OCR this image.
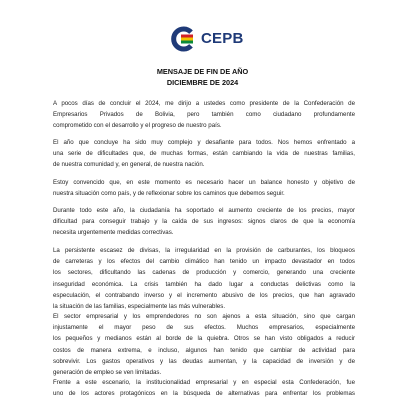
CEPB
MENSAJE DE FIN DE AÑO
DICIEMBRE DE 2024
A pocos días de concluir el 2024, me dirijo a ustedes como presidente de la Confederación de
Empresarios Privados de Bolivia, pero también como ciudadano profundamente
comprometido con el desarrollo y el progreso de nuestro país.
El año que concluye ha sido muy complejo y desafiante para todos. Nos hemos enfrentado a
una serie de dificultades que, de muchas formas, están cambiando la vida de nuestras familias,
de nuestra comunidad y, en general, de nuestra nación.
Estoy convencido que, en este momento es necesario hacer un balance honesto y objetivo de
nuestra situación como país, y de reflexionar sobre los caminos que debemos seguir.
Durante todo este año, la ciudadanía ha soportado el aumento creciente de los precios, mayor
dificultad para conseguir trabajo y la caída de sus ingresos: signos claros de que la economía
necesita urgentemente medidas correctivas.
La persistente escasez de divisas, la irregularidad en la provisión de carburantes, los bloqueos
de carreteras y los efectos del cambio climático han tenido un impacto devastador en todos
los sectores, dificultando las cadenas de producción y comercio, generando una creciente
inseguridad económica. La crisis también ha dado lugar a conductas delictivas como la
especulación, el contrabando inverso y el incremento abusivo de los precios, que han agravado
la situación de las familias, especialmente las más vulnerables.
El sector empresarial y los emprendedores no son ajenos a esta situación, sino que cargan
injustamente el mayor peso de sus efectos. Muchos empresarios, especialmente
los pequeños y medianos están al borde de la quiebra. Otros se han visto obligados a reducir
costos de manera extrema, e incluso, algunos han tenido que cambiar de actividad para
sobrevivir. Los gastos operativos y las deudas aumentan, y la capacidad de inversión y de
generación de empleo se ven limitadas.
Frente a este escenario, la institucionalidad empresarial y en especial esta Confederación, fue
uno de los actores protagónicos en la búsqueda de alternativas para enfrentar los problemas
